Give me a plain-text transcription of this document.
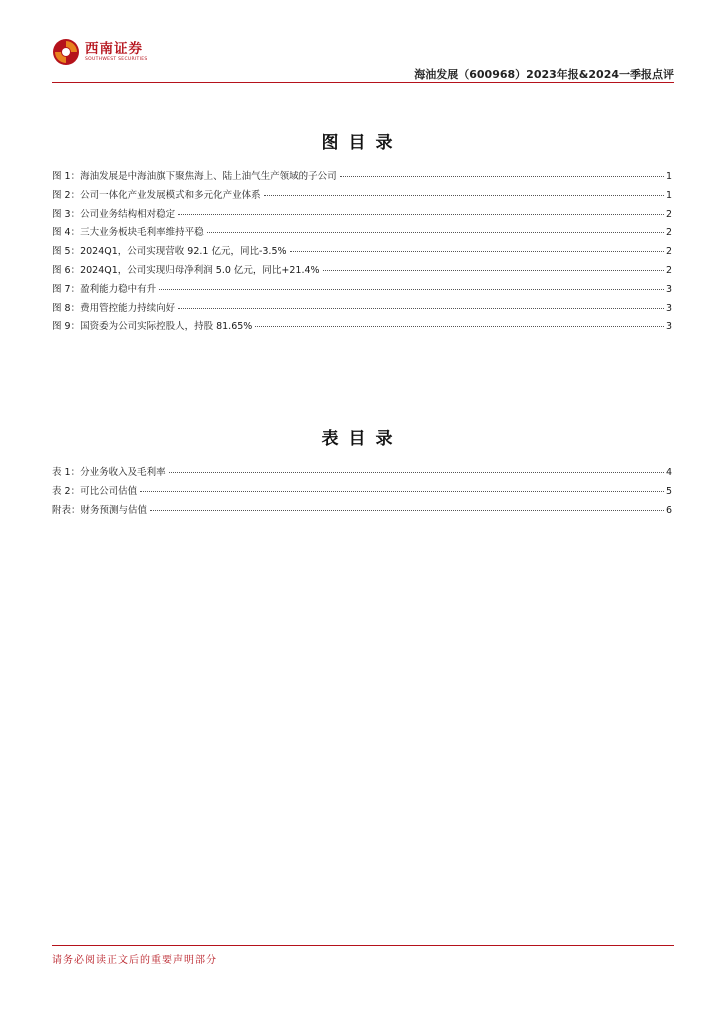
西南证券
SOUTHWEST SECURITIES
海油发展（600968）2023年报&2024一季报点评
图目录
图 1：海油发展是中海油旗下聚焦海上、陆上油气生产领域的子公司	1
图 2：公司一体化产业发展模式和多元化产业体系	1
图 3：公司业务结构相对稳定	2
图 4：三大业务板块毛利率维持平稳	2
图 5：2024Q1，公司实现营收 92.1 亿元，同比-3.5%	2
图 6：2024Q1，公司实现归母净利润 5.0 亿元，同比+21.4%	2
图 7：盈利能力稳中有升	3
图 8：费用管控能力持续向好	3
图 9：国资委为公司实际控股人，持股 81.65%	3
表目录
表 1：分业务收入及毛利率	4
表 2：可比公司估值	5
附表：财务预测与估值	6
请务必阅读正文后的重要声明部分
